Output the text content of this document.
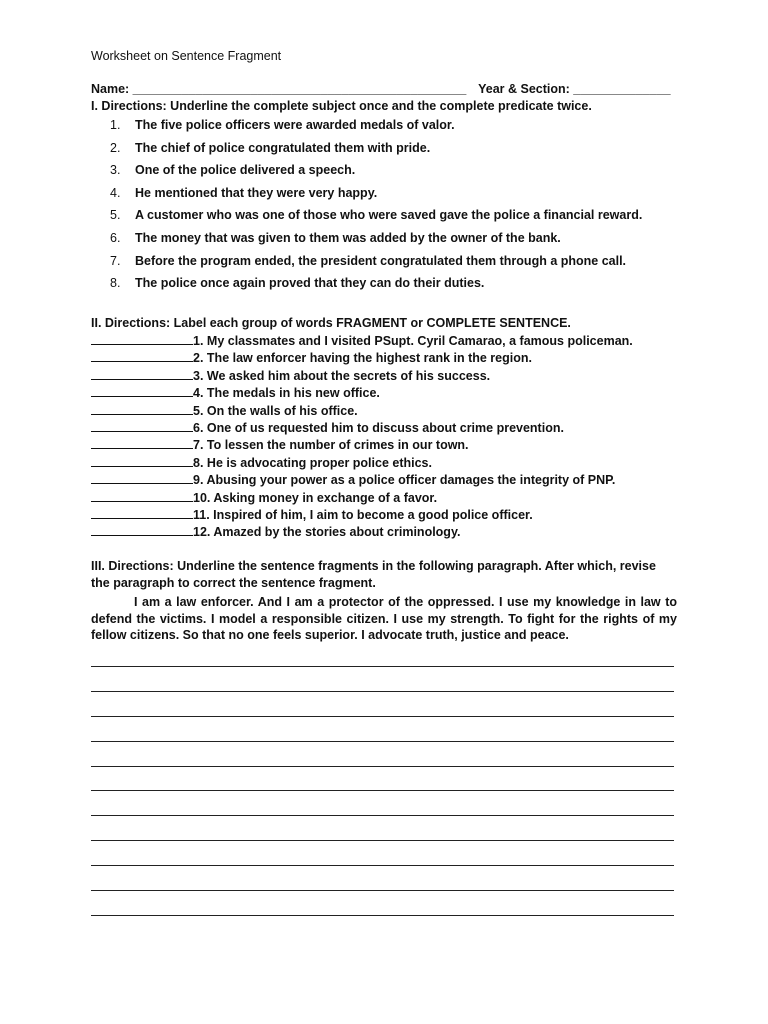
Worksheet on Sentence Fragment
Name: ________________________________________________ Year & Section: ______________
I. Directions: Underline the complete subject once and the complete predicate twice.
1. The five police officers were awarded medals of valor.
2. The chief of police congratulated them with pride.
3. One of the police delivered a speech.
4. He mentioned that they were very happy.
5. A customer who was one of those who were saved gave the police a financial reward.
6. The money that was given to them was added by the owner of the bank.
7. Before the program ended, the president congratulated them through a phone call.
8. The police once again proved that they can do their duties.
II. Directions: Label each group of words FRAGMENT or COMPLETE SENTENCE.
1. My classmates and I visited PSupt. Cyril Camarao, a famous policeman.
2. The law enforcer having the highest rank in the region.
3. We asked him about the secrets of his success.
4. The medals in his new office.
5. On the walls of his office.
6. One of us requested him to discuss about crime prevention.
7. To lessen the number of crimes in our town.
8. He is advocating proper police ethics.
9. Abusing your power as a police officer damages the integrity of PNP.
10. Asking money in exchange of a favor.
11. Inspired of him, I aim to become a good police officer.
12. Amazed by the stories about criminology.
III. Directions: Underline the sentence fragments in the following paragraph. After which, revise the paragraph to correct the sentence fragment.
I am a law enforcer. And I am a protector of the oppressed. I use my knowledge in law to defend the victims. I model a responsible citizen. I use my strength. To fight for the rights of my fellow citizens. So that no one feels superior. I advocate truth, justice and peace.
